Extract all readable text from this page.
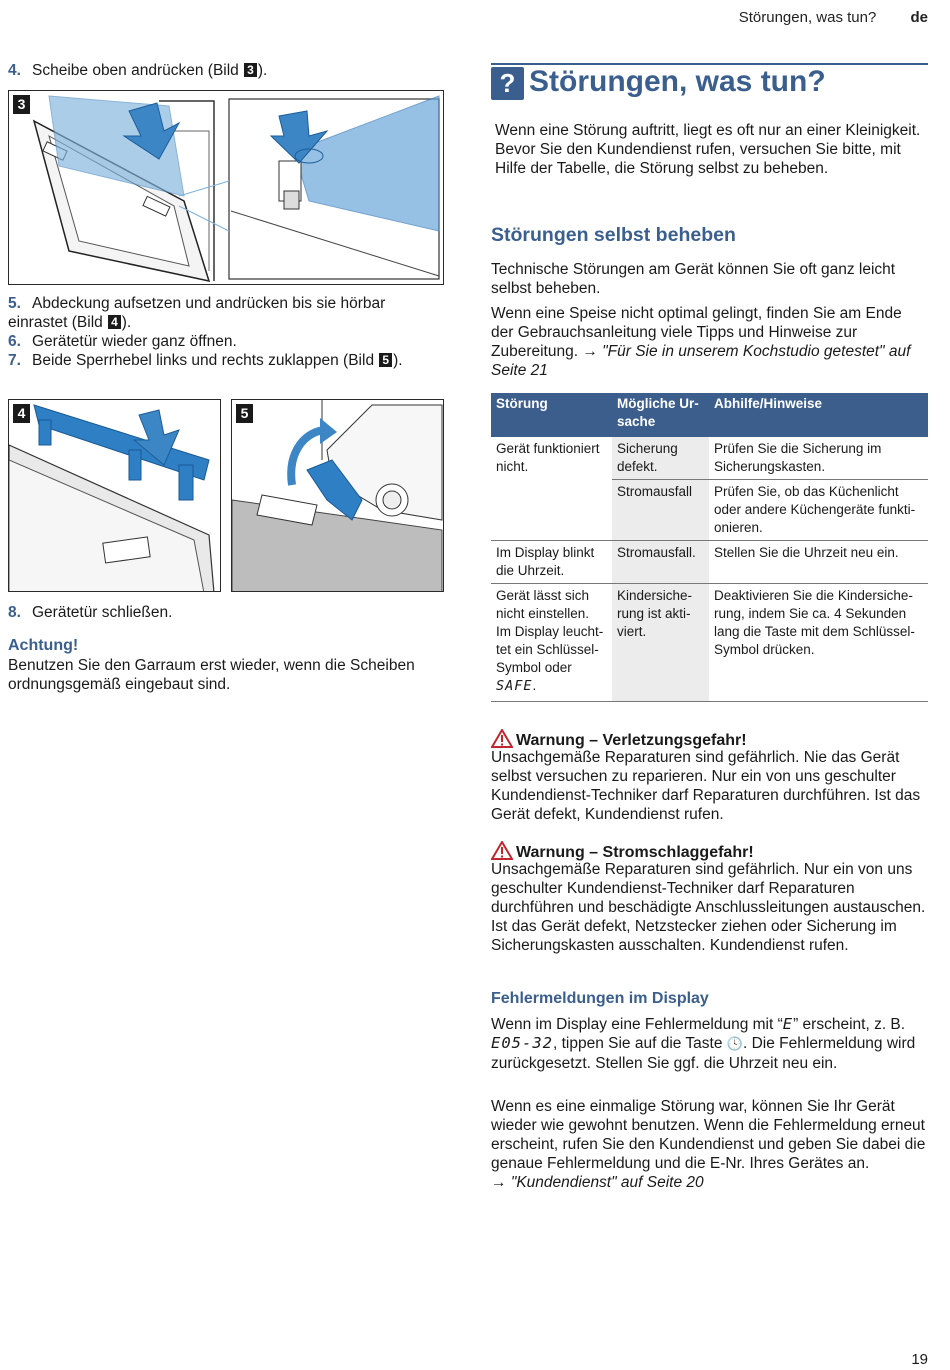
Störungen, was tun? de
4. Scheibe oben andrücken (Bild 3 ).
3
5. Abdeckung aufsetzen und andrücken bis sie hörbar einrastet (Bild 4 ).
6. Gerätetür wieder ganz öffnen.
7. Beide Sperrhebel links und rechts zuklappen (Bild 5 ).
4	5
8. Gerätetür schließen.
Achtung!
Benutzen Sie den Garraum erst wieder, wenn die Scheiben ordnungsgemäß eingebaut sind.
? Störungen, was tun?
Wenn eine Störung auftritt, liegt es oft nur an einer Kleinigkeit. Bevor Sie den Kundendienst rufen, versuchen Sie bitte, mit Hilfe der Tabelle, die Störung selbst zu beheben.
Störungen selbst beheben
Technische Störungen am Gerät können Sie oft ganz leicht selbst beheben.
Wenn eine Speise nicht optimal gelingt, finden Sie am Ende der Gebrauchsanleitung viele Tipps und Hinweise zur Zubereitung. → "Für Sie in unserem Kochstudio getestet" auf Seite 21
Störung	Mögliche Ur-sache	Abhilfe/Hinweise
Gerät funktioniert nicht.	Sicherung defekt.	Prüfen Sie die Sicherung im Sicherungskasten.
	Stromausfall	Prüfen Sie, ob das Küchenlicht oder andere Küchengeräte funkti-onieren.
Im Display blinkt die Uhrzeit.	Stromausfall.	Stellen Sie die Uhrzeit neu ein.
Gerät lässt sich nicht einstellen. Im Display leucht-tet ein Schlüssel-Symbol oder SAFE.	Kindersiche-rung ist akti-viert.	Deaktivieren Sie die Kindersiche-rung, indem Sie ca. 4 Sekunden lang die Taste mit dem Schlüssel-Symbol drücken.
Warnung – Verletzungsgefahr!
Unsachgemäße Reparaturen sind gefährlich. Nie das Gerät selbst versuchen zu reparieren. Nur ein von uns geschulter Kundendienst-Techniker darf Reparaturen durchführen. Ist das Gerät defekt, Kundendienst rufen.
Warnung – Stromschlaggefahr!
Unsachgemäße Reparaturen sind gefährlich. Nur ein von uns geschulter Kundendienst-Techniker darf Reparaturen durchführen und beschädigte Anschlussleitungen austauschen. Ist das Gerät defekt, Netzstecker ziehen oder Sicherung im Sicherungskasten ausschalten. Kundendienst rufen.
Fehlermeldungen im Display
Wenn im Display eine Fehlermeldung mit “E” erscheint, z. B. E05-32, tippen Sie auf die Taste 🕓. Die Fehlermeldung wird zurückgesetzt. Stellen Sie ggf. die Uhrzeit neu ein.
Wenn es eine einmalige Störung war, können Sie Ihr Gerät wieder wie gewohnt benutzen. Wenn die Fehlermeldung erneut erscheint, rufen Sie den Kundendienst und geben Sie dabei die genaue Fehlermeldung und die E-Nr. Ihres Gerätes an.
→ "Kundendienst" auf Seite 20
19
